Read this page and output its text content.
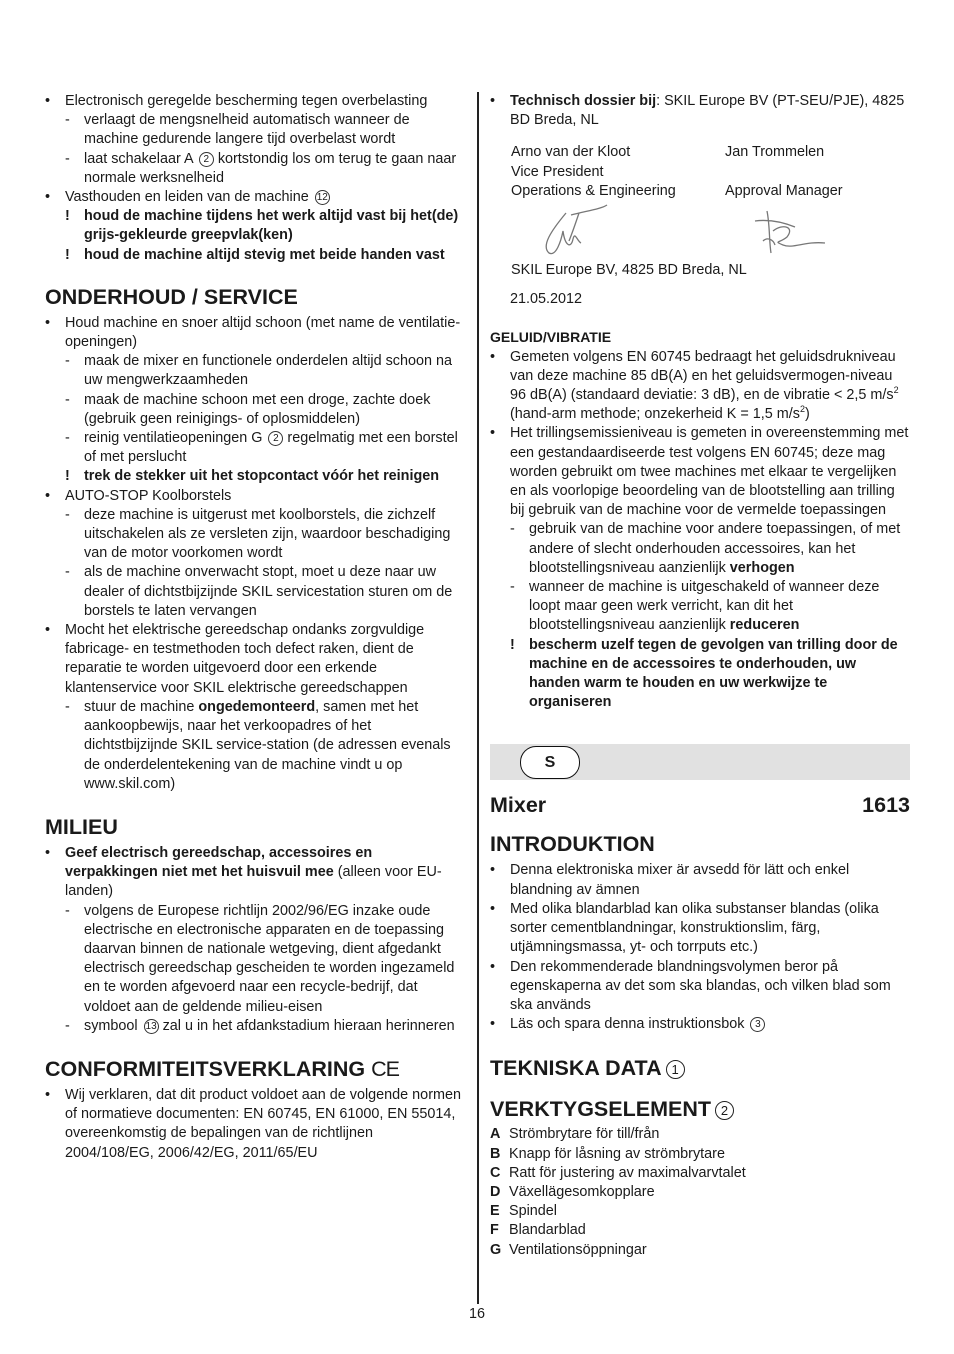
• Electronisch geregelde bescherming tegen overbelasting
- verlaagt de mengsnelheid automatisch wanneer de machine gedurende langere tijd overbelast wordt
- laat schakelaar A 2 kortstondig los om terug te gaan naar normale werksnelheid
• Vasthouden en leiden van de machine 12
! houd de machine tijdens het werk altijd vast bij het(de) grijs-gekleurde greepvlak(ken)
! houd de machine altijd stevig met beide handen vast
ONDERHOUD / SERVICE
• Houd machine en snoer altijd schoon (met name de ventilatie-openingen)
- maak de mixer en functionele onderdelen altijd schoon na uw mengwerkzaamheden
- maak de machine schoon met een droge, zachte doek (gebruik geen reinigings- of oplosmiddelen)
- reinig ventilatieopeningen G 2 regelmatig met een borstel of met perslucht
! trek de stekker uit het stopcontact vóór het reinigen
• AUTO-STOP Koolborstels
- deze machine is uitgerust met koolborstels, die zichzelf uitschakelen als ze versleten zijn, waardoor beschadiging van de motor voorkomen wordt
- als de machine onverwacht stopt, moet u deze naar uw dealer of dichtstbijzijnde SKIL servicestation sturen om de borstels te laten vervangen
• Mocht het elektrische gereedschap ondanks zorgvuldige fabricage- en testmethoden toch defect raken, dient de reparatie te worden uitgevoerd door een erkende klantenservice voor SKIL elektrische gereedschappen
- stuur de machine ongedemonteerd, samen met het aankoopbewijs, naar het verkoopadres of het dichtstbijzijnde SKIL service-station (de adressen evenals de onderdelentekening van de machine vindt u op www.skil.com)
MILIEU
• Geef electrisch gereedschap, accessoires en verpakkingen niet met het huisvuil mee (alleen voor EU-landen)
- volgens de Europese richtlijn 2002/96/EG inzake oude electrische en electronische apparaten en de toepassing daarvan binnen de nationale wetgeving, dient afgedankt electrisch gereedschap gescheiden te worden ingezameld en te worden afgevoerd naar een recycle-bedrijf, dat voldoet aan de geldende milieu-eisen
- symbool 13 zal u in het afdankstadium hieraan herinneren
CONFORMITEITSVERKLARING CE
• Wij verklaren, dat dit product voldoet aan de volgende normen of normatieve documenten: EN 60745, EN 61000, EN 55014, overeenkomstig de bepalingen van de richtlijnen 2004/108/EG, 2006/42/EG, 2011/65/EU
• Technisch dossier bij: SKIL Europe BV (PT-SEU/PJE), 4825 BD Breda, NL
Arno van der Kloot	Jan Trommelen
Vice President
Operations & Engineering	Approval Manager
SKIL Europe BV, 4825 BD Breda, NL
21.05.2012
GELUID/VIBRATIE
• Gemeten volgens EN 60745 bedraagt het geluidsdrukniveau van deze machine 85 dB(A) en het geluidsvermogen-niveau 96 dB(A) (standaard deviatie: 3 dB), en de vibratie < 2,5 $m/s^2$ (hand-arm methode; onzekerheid K = 1,5 $m/s^2$)
• Het trillingsemissieniveau is gemeten in overeenstemming met een gestandaardiseerde test volgens EN 60745; deze mag worden gebruikt om twee machines met elkaar te vergelijken en als voorlopige beoordeling van de blootstelling aan trilling bij gebruik van de machine voor de vermelde toepassingen
- gebruik van de machine voor andere toepassingen, of met andere of slecht onderhouden accessoires, kan het blootstellingsniveau aanzienlijk verhogen
- wanneer de machine is uitgeschakeld of wanneer deze loopt maar geen werk verricht, kan dit het blootstellingsniveau aanzienlijk reduceren
! bescherm uzelf tegen de gevolgen van trilling door de machine en de accessoires te onderhouden, uw handen warm te houden en uw werkwijze te organiseren
S
Mixer	1613
INTRODUKTION
• Denna elektroniska mixer är avsedd för lätt och enkel blandning av ämnen
• Med olika blandarblad kan olika substanser blandas (olika sorter cementblandningar, konstruktionslim, färg, utjämningsmassa, yt- och torrputs etc.)
• Den rekommenderade blandningsvolymen beror på egenskaperna av det som ska blandas, och vilken blad som ska används
• Läs och spara denna instruktionsbok 3
TEKNISKA DATA 1
VERKTYGSELEMENT 2
A Strömbrytare för till/från
B Knapp för låsning av strömbrytare
C Ratt för justering av maximalvarvtalet
D Växellägesomkopplare
E Spindel
F Blandarblad
G Ventilationsöppningar
16
